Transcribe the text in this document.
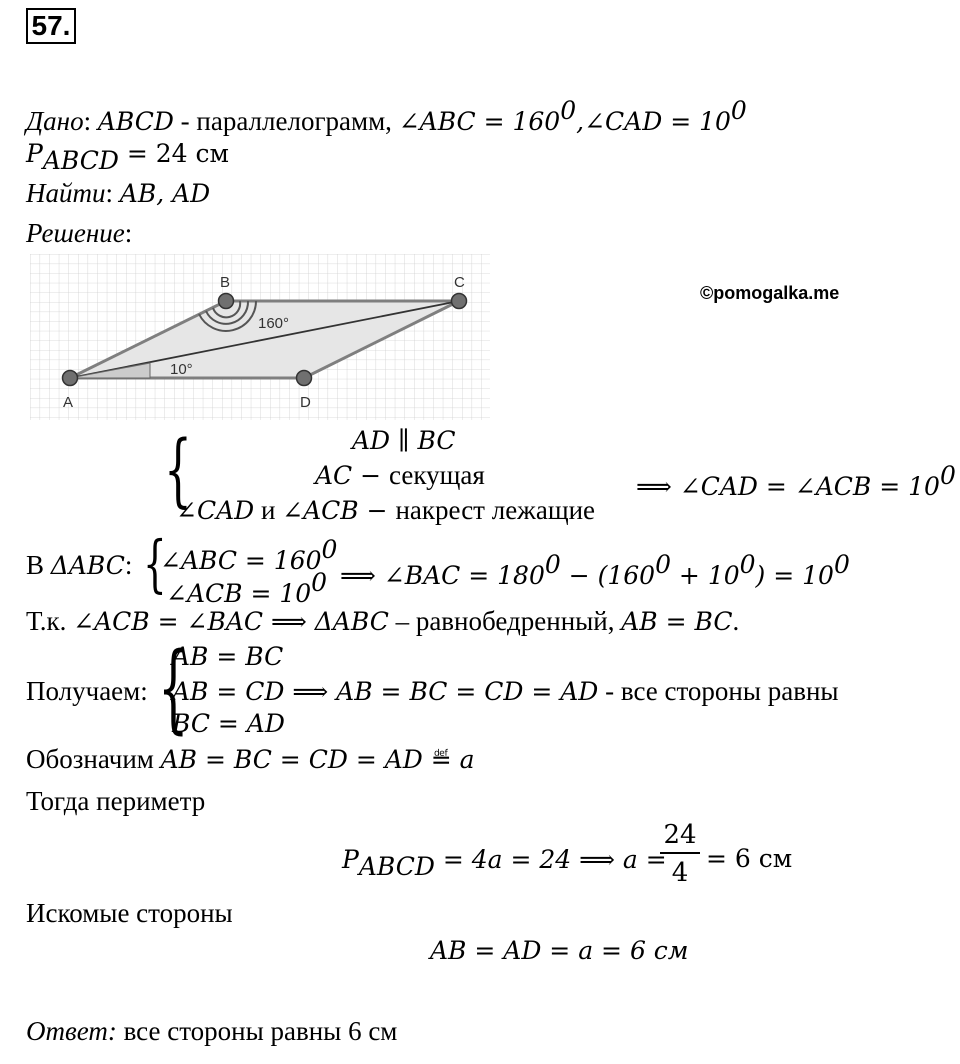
57.
Дано: ABCD - параллелограмм, ∠ABC = $160^0,\angle CAD = 10^0$
$P_{ABCD} = 24$ см
Найти: AB, AD
Решение:
A
B	C
D
160°
10°
©pomogalka.me
{	AD ∥ BC
AC − секущая
∠CAD и ∠ACB − накрест лежащие
⟹ ∠CAD = ∠ACB = $10^0$
В ΔABC: {
∠ABC = $160^0$
∠ACB = $10^0$ ⟹ ∠BAC = $180^0 - (160^0 + 10^0) = 10^0$
Т.к. ∠ACB = ∠BAC ⟹ ΔABC – равнобедренный, AB = BC.
Получаем: {
AB = BC
AB = CD ⟹ AB = BC = CD = AD - все стороны равны
BC = AD
Обозначим AB = BC = CD = AD ≝ a
Тогда периметр
$P_{ABCD} = 4a = 24$ ⟹ a =
24
4 = 6 см
Искомые стороны
AB = AD = a = 6 см
Ответ: все стороны равны 6 см
